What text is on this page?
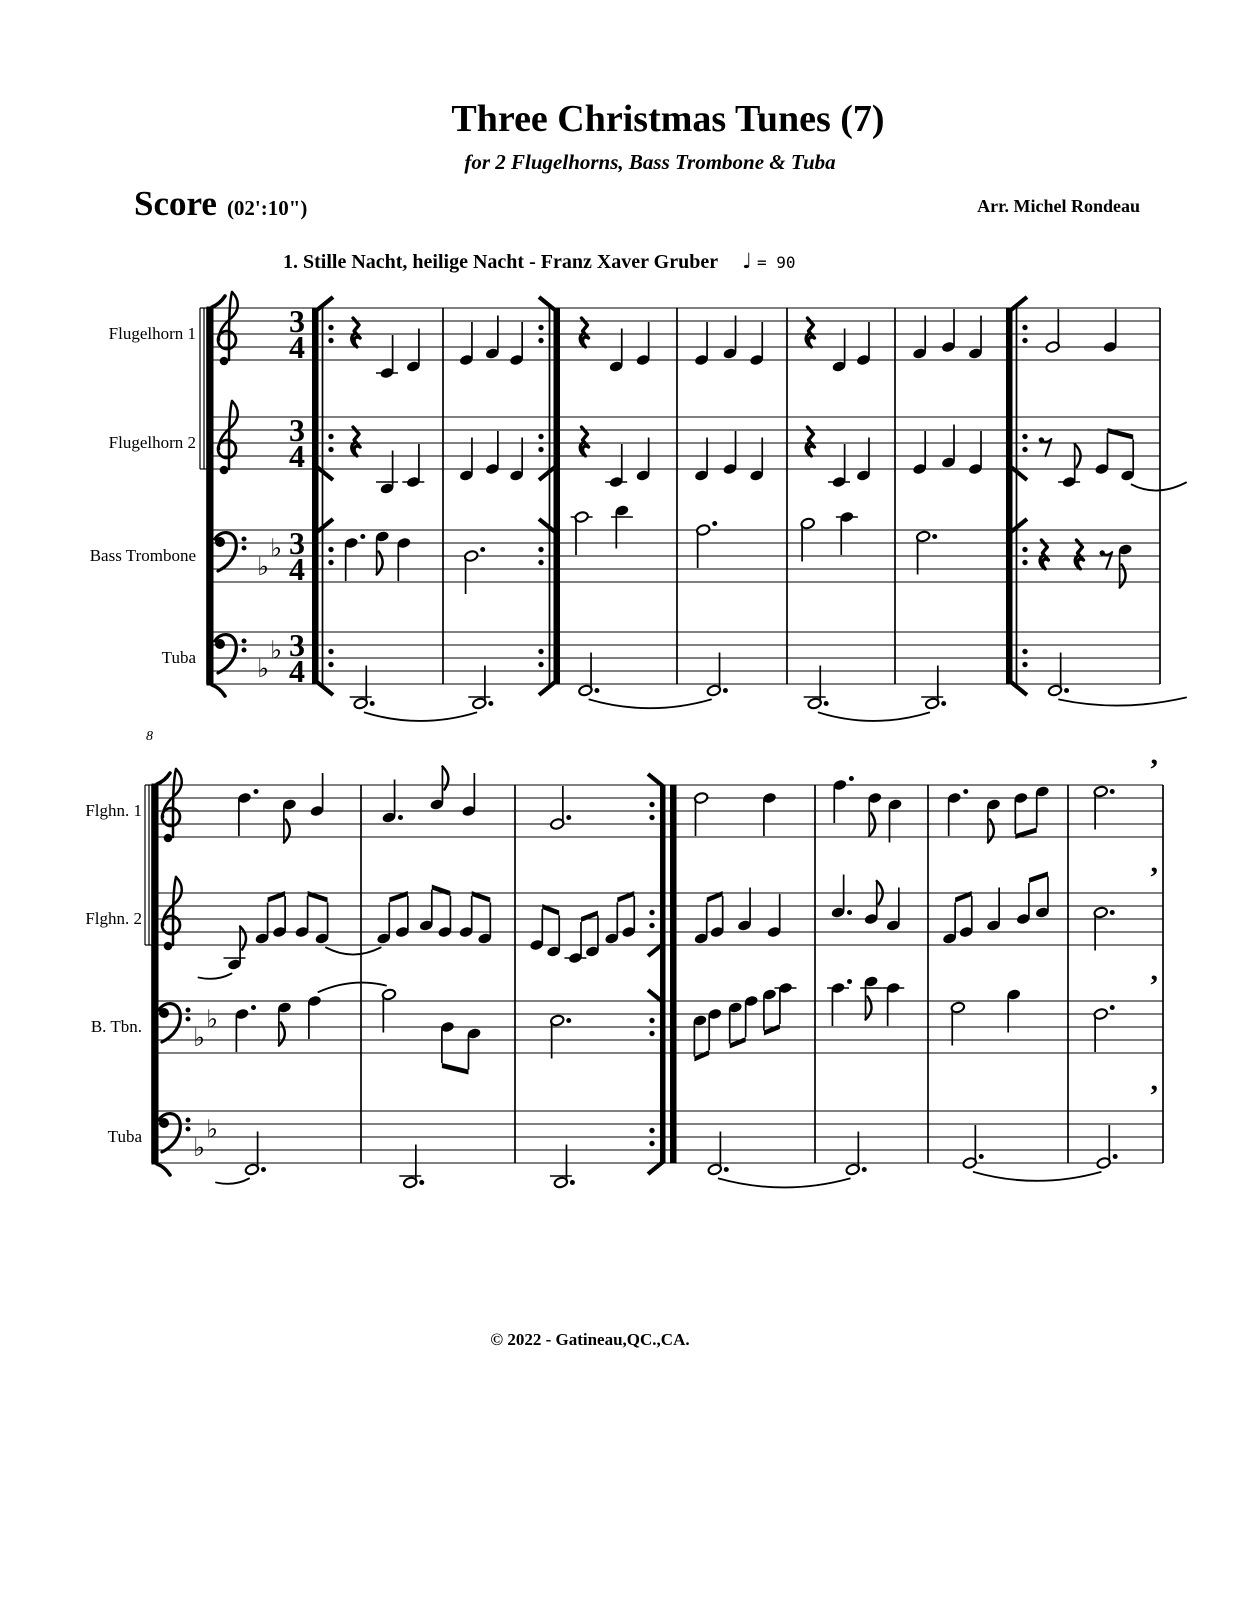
Three Christmas Tunes (7)
for 2 Flugelhorns, Bass Trombone & Tuba
Score (02':10")	Arr. Michel Rondeau
1. Stille Nacht, heilige Nacht - Franz Xaver Gruber ♩ = 90
Flugelhorn 1
Flugelhorn 2
Bass Trombone
Tuba
8
Flghn. 1
Flghn. 2
B. Tbn.
Tuba
3
4
3
4
♭
♭ 3
4
♭
♭ 3
4
♭
♭
♭
♭
’
’
’
’
© 2022 - Gatineau,QC.,CA.
